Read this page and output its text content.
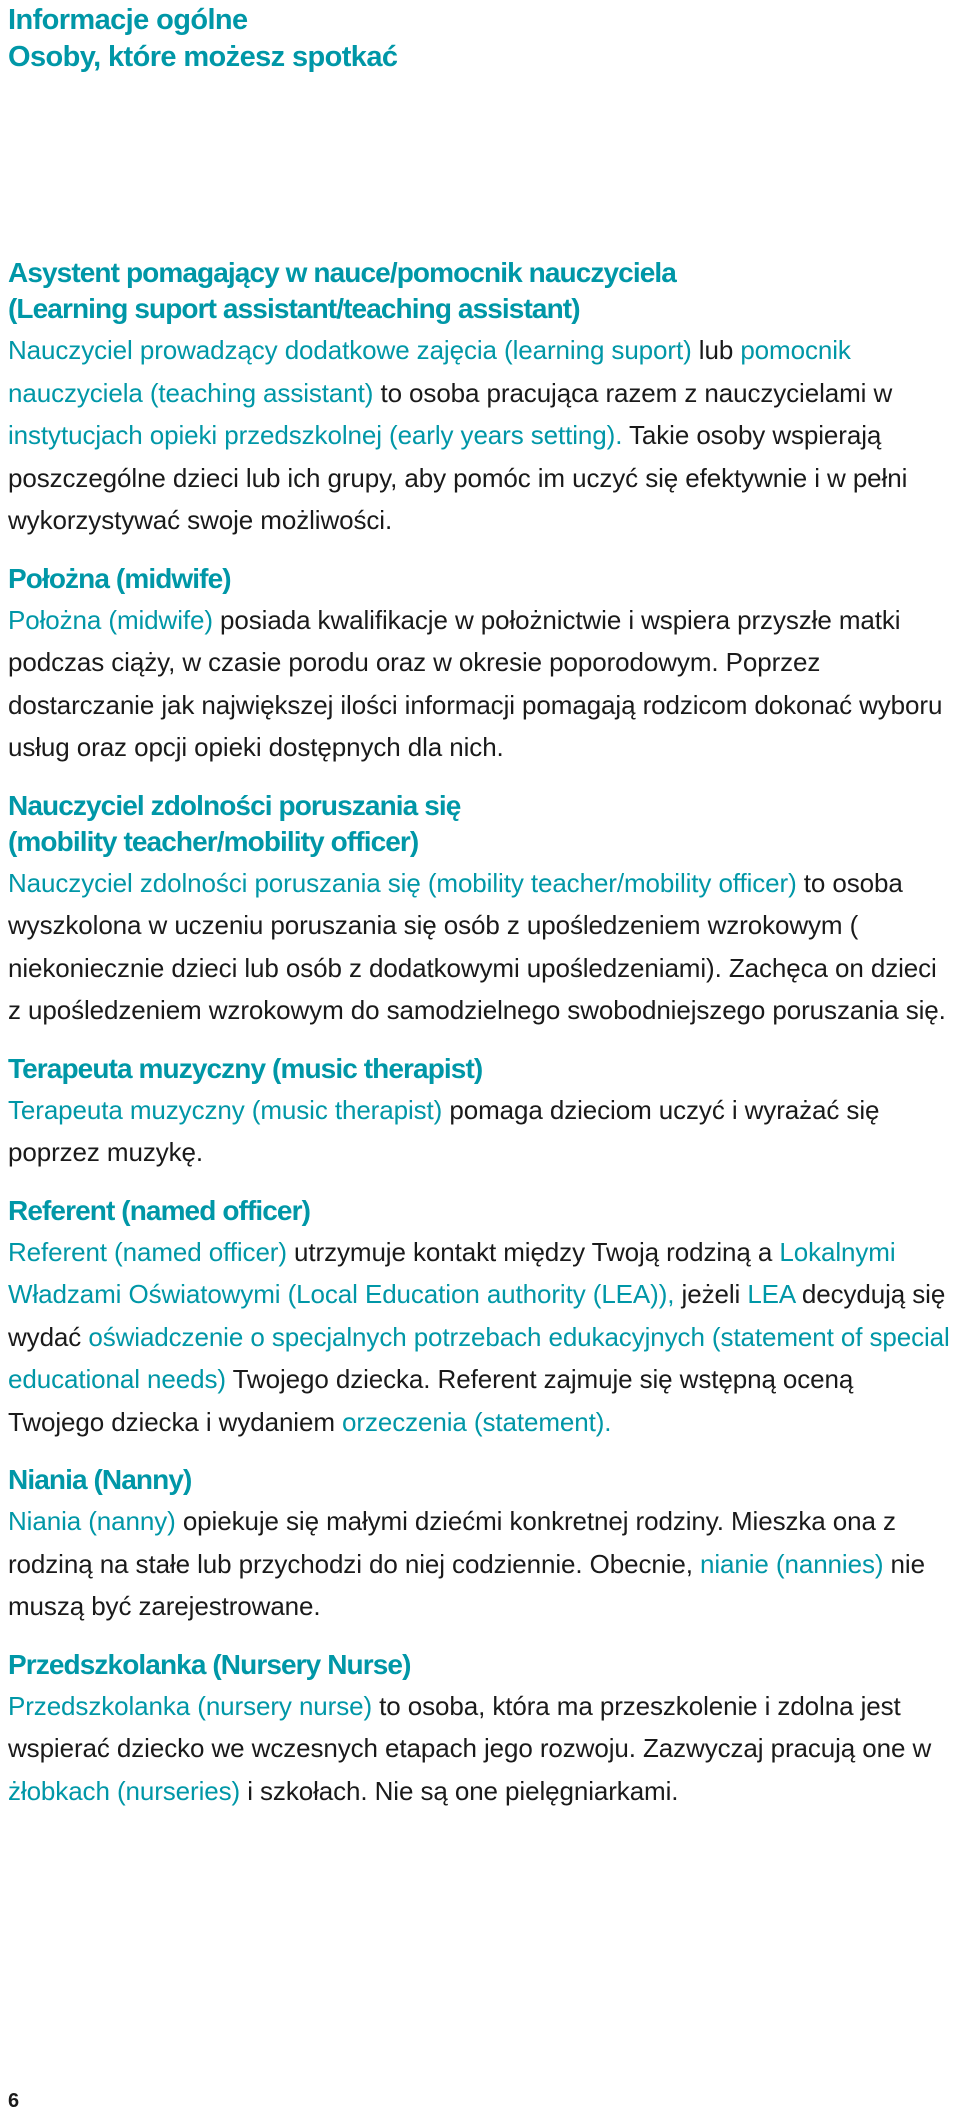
Informacje ogólne
Osoby, które możesz spotkać
Asystent pomagający w nauce/pomocnik nauczyciela
(Learning suport assistant/teaching assistant)

Nauczyciel prowadzący dodatkowe zajęcia (learning suport) lub pomocnik nauczyciela (teaching assistant) to osoba pracująca razem z nauczycielami w instytucjach opieki przedszkolnej (early years setting). Takie osoby wspierają poszczególne dzieci lub ich grupy, aby pomóc im uczyć się efektywnie i w pełni wykorzystywać swoje możliwości.

Położna (midwife)

Położna (midwife) posiada kwalifikacje w położnictwie i wspiera przyszłe matki podczas ciąży, w czasie porodu oraz w okresie poporodowym. Poprzez dostarczanie jak największej ilości informacji pomagają rodzicom dokonać wyboru usług oraz opcji opieki dostępnych dla nich.

Nauczyciel zdolności poruszania się
(mobility teacher/mobility officer)

Nauczyciel zdolności poruszania się (mobility teacher/mobility officer) to osoba wyszkolona w uczeniu poruszania się osób z upośledzeniem wzrokowym ( niekoniecznie dzieci lub osób z dodatkowymi upośledzeniami). Zachęca on dzieci z upośledzeniem wzrokowym do samodzielnego swobodniejszego poruszania się.

Terapeuta muzyczny (music therapist)

Terapeuta muzyczny (music therapist) pomaga dzieciom uczyć i wyrażać się poprzez muzykę.

Referent (named officer)

Referent (named officer) utrzymuje kontakt między Twoją rodziną a Lokalnymi Władzami Oświatowymi (Local Education authority (LEA)), jeżeli LEA decydują się wydać oświadczenie o specjalnych potrzebach edukacyjnych (statement of special educational needs) Twojego dziecka. Referent zajmuje się wstępną oceną Twojego dziecka i wydaniem orzeczenia (statement).

Niania (Nanny)

Niania (nanny) opiekuje się małymi dziećmi konkretnej rodziny. Mieszka ona z rodziną na stałe lub przychodzi do niej codziennie. Obecnie, nianie (nannies) nie muszą być zarejestrowane.

Przedszkolanka (Nursery Nurse)

Przedszkolanka (nursery nurse) to osoba, która ma przeszkolenie i zdolna jest wspierać dziecko we wczesnych etapach jego rozwoju. Zazwyczaj pracują one w żłobkach (nurseries) i szkołach. Nie są one pielęgniarkami.

6
